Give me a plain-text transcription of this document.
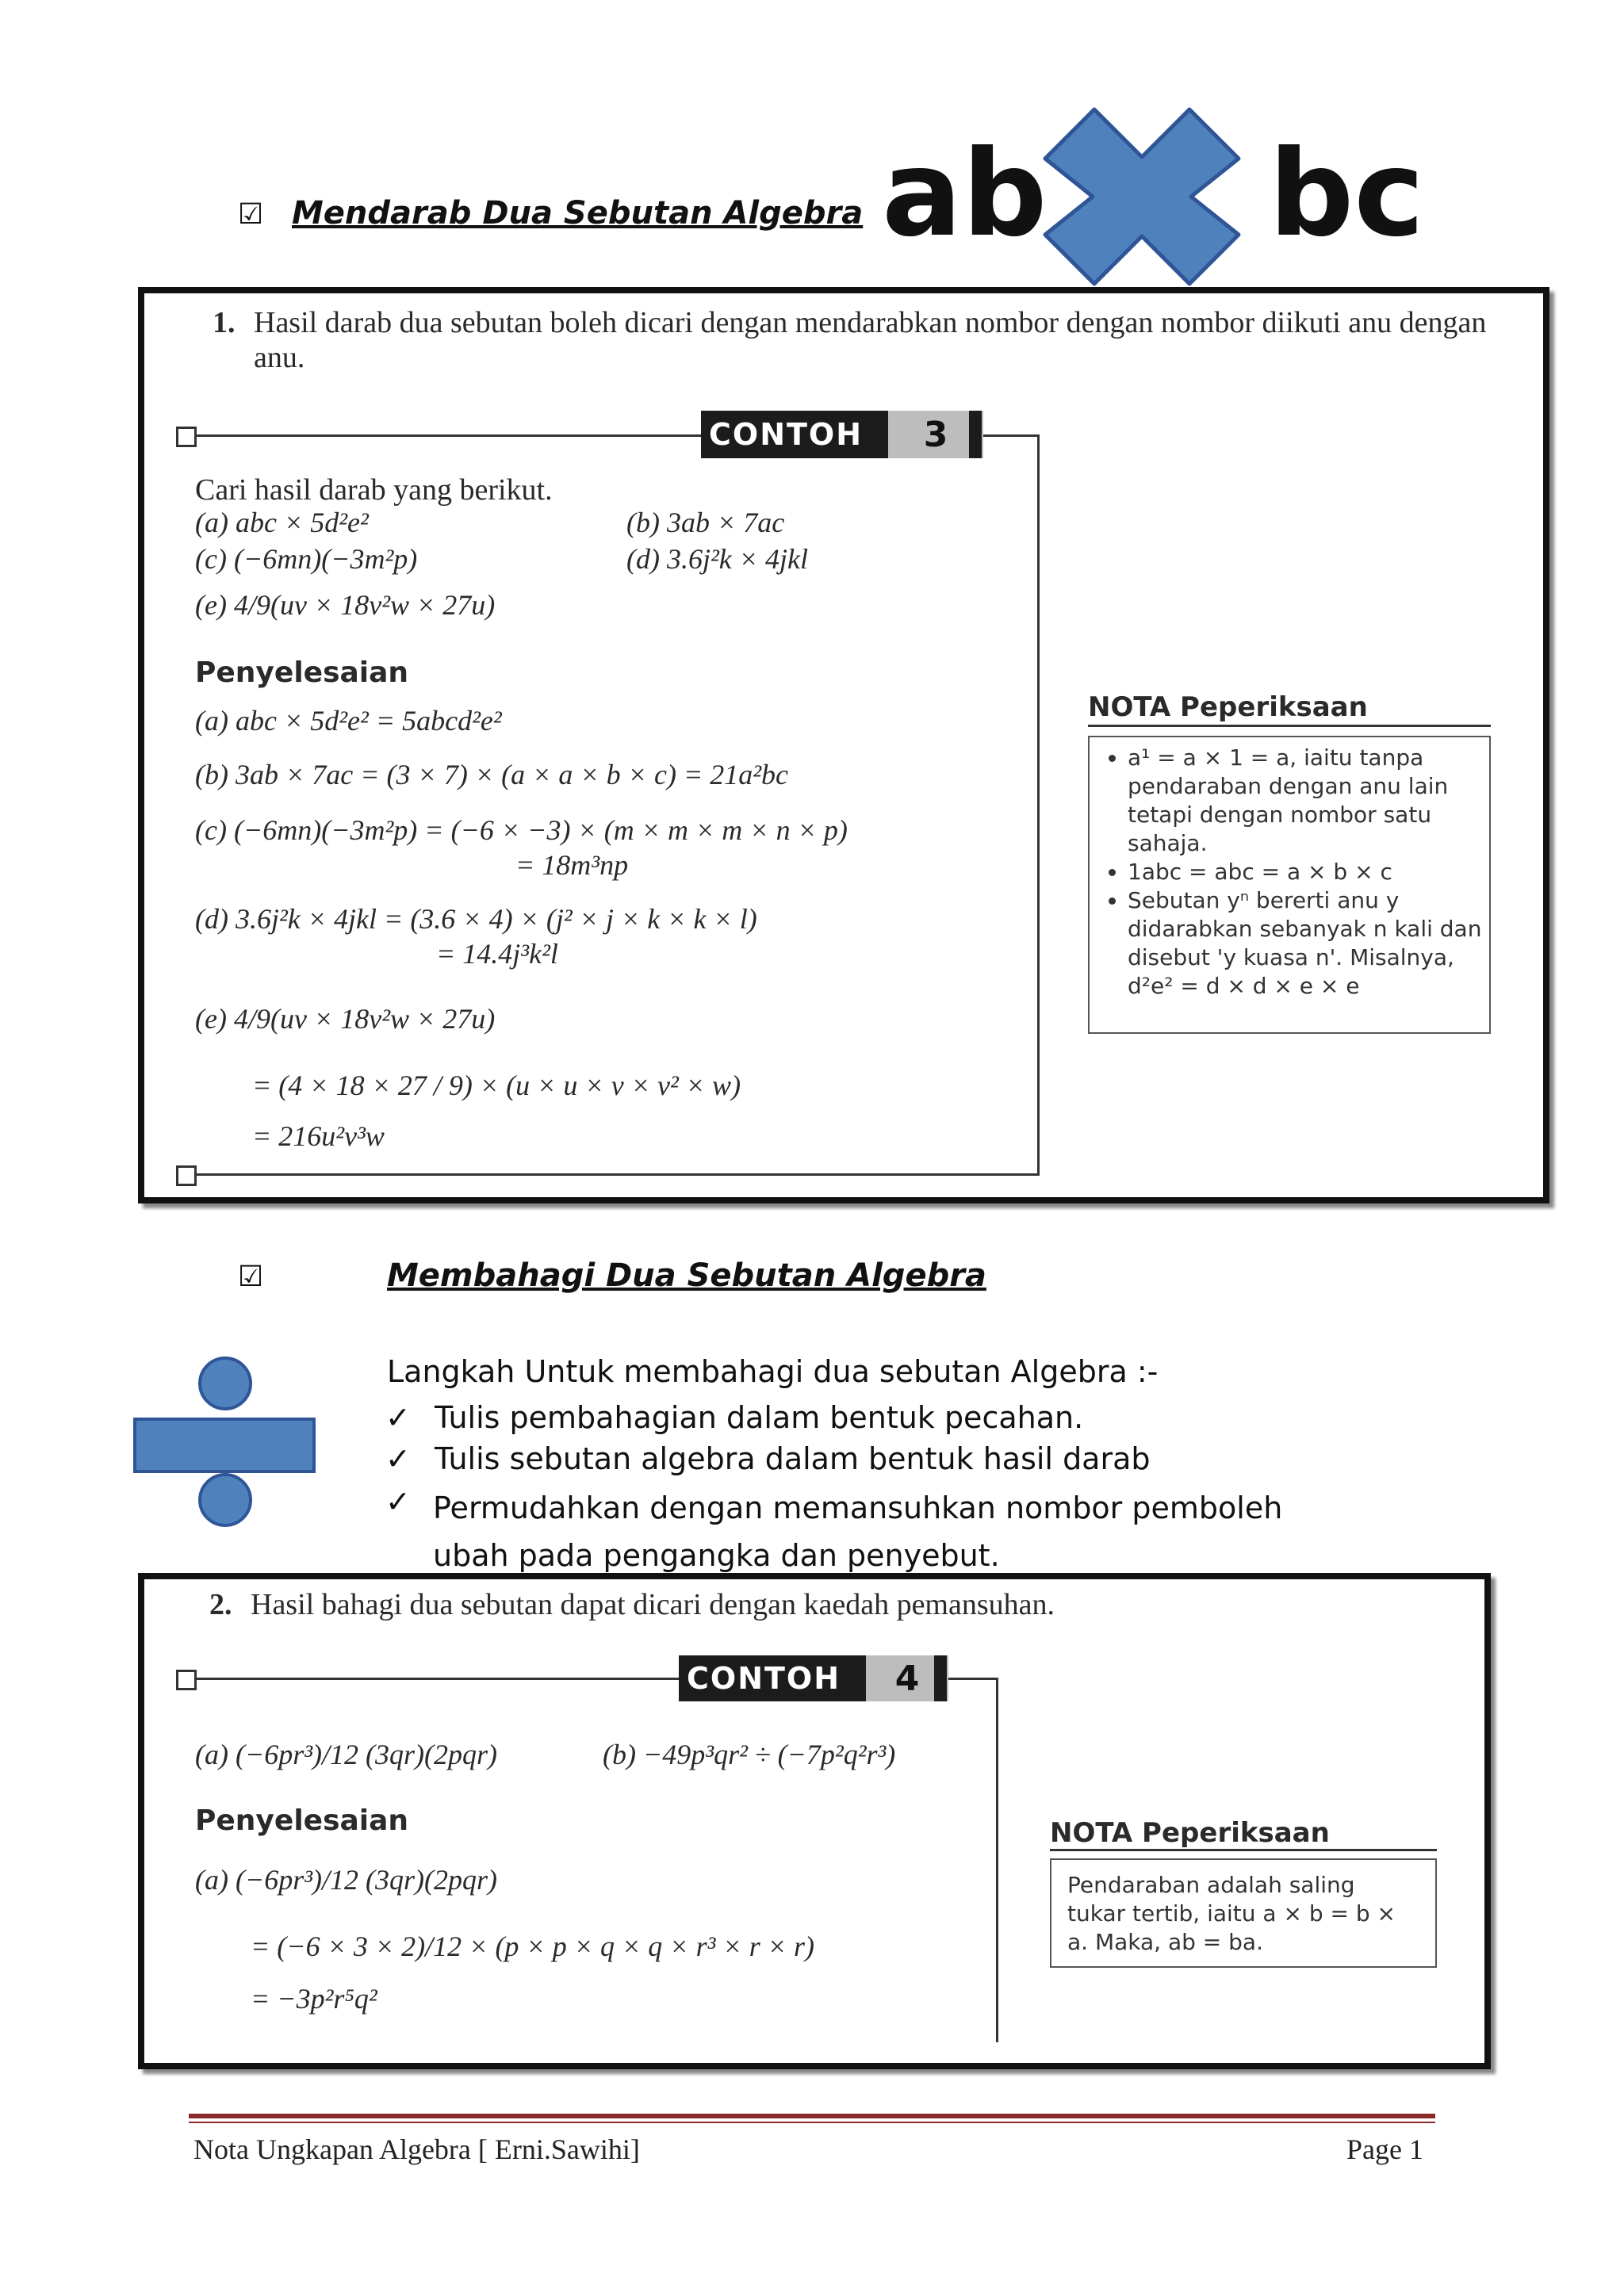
☑ Mendarab Dua Sebutan Algebra ab bc
1. Hasil darab dua sebutan boleh dicari dengan mendarabkan nombor dengan nombor diikuti anu dengan anu.
CONTOH	3
Cari hasil darab yang berikut.
(a) abc × 5d²e²	(b) 3ab × 7ac
(c) (−6mn)(−3m²p)	(d) 3.6j²k × 4jkl
(e) 4/9(uv × 18v²w × 27u)
Penyelesaian
(a) abc × 5d²e² = 5abcd²e²
(b) 3ab × 7ac = (3 × 7) × (a × a × b × c) = 21a²bc
(c) (−6mn)(−3m²p) = (−6 × −3) × (m × m × m × n × p)
= 18m³np
(d) 3.6j²k × 4jkl = (3.6 × 4) × (j² × j × k × k × l)
= 14.4j³k²l
(e) 4/9(uv × 18v²w × 27u)
= (4 × 18 × 27 / 9) × (u × u × v × v² × w)
= 216u²v³w
NOTA Peperiksaan
• a¹ = a × 1 = a, iaitu tanpa pendaraban dengan anu lain tetapi dengan nombor satu sahaja.
• 1abc = abc = a × b × c
• Sebutan yⁿ bererti anu y didarabkan sebanyak n kali dan disebut 'y kuasa n'. Misalnya, d²e² = d × d × e × e
☑	Membahagi Dua Sebutan Algebra
Langkah Untuk membahagi dua sebutan Algebra :-
✓ Tulis pembahagian dalam bentuk pecahan.
✓ Tulis sebutan algebra dalam bentuk hasil darab
✓ Permudahkan dengan memansuhkan nombor pemboleh ubah pada pengangka dan penyebut.
2. Hasil bahagi dua sebutan dapat dicari dengan kaedah pemansuhan.
CONTOH	4
(a) (−6pr³)/12 (3qr)(2pqr)	(b) −49p³qr² ÷ (−7p²q²r³)
Penyelesaian
(a) (−6pr³)/12 (3qr)(2pqr)
= (−6 × 3 × 2)/12 × (p × p × q × q × r³ × r × r)
= −3p²r⁵q²
NOTA Peperiksaan
Pendaraban adalah saling tukar tertib, iaitu a × b = b × a. Maka, ab = ba.
Nota Ungkapan Algebra [ Erni.Sawihi]	Page 1
